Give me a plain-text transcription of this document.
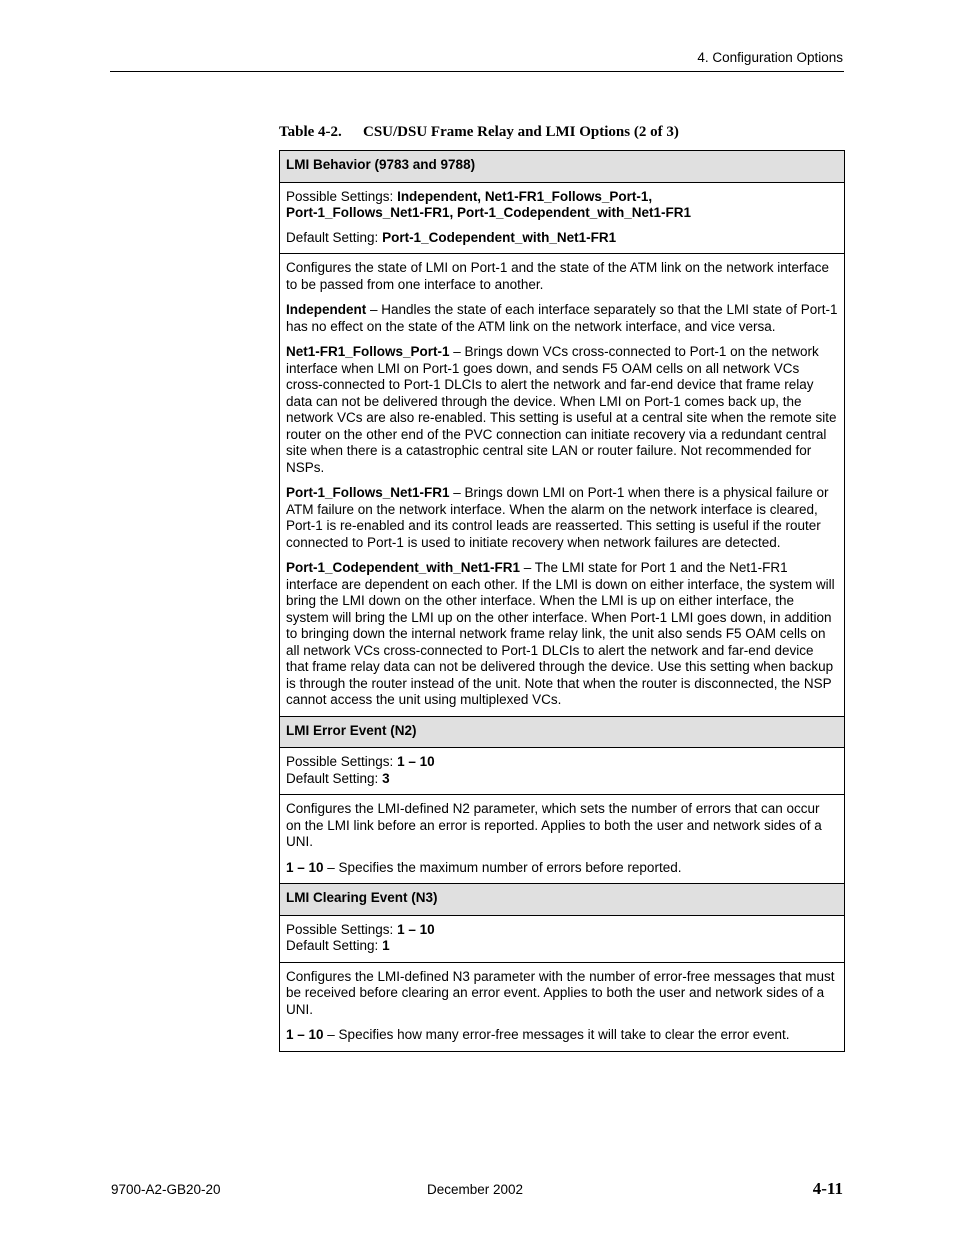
4. Configuration Options
Table 4-2. CSU/DSU Frame Relay and LMI Options (2 of 3)
LMI Behavior (9783 and 9788)

Possible Settings: Independent, Net1-FR1_Follows_Port-1,
Port-1_Follows_Net1-FR1, Port-1_Codependent_with_Net1-FR1

Default Setting: Port-1_Codependent_with_Net1-FR1

Configures the state of LMI on Port-1 and the state of the ATM link on the network interface to be passed from one interface to another.

Independent – Handles the state of each interface separately so that the LMI state of Port-1 has no effect on the state of the ATM link on the network interface, and vice versa.

Net1-FR1_Follows_Port-1 – Brings down VCs cross-connected to Port-1 on the network interface when LMI on Port-1 goes down, and sends F5 OAM cells on all network VCs cross-connected to Port-1 DLCIs to alert the network and far-end device that frame relay data can not be delivered through the device. When LMI on Port-1 comes back up, the network VCs are also re-enabled. This setting is useful at a central site when the remote site router on the other end of the PVC connection can initiate recovery via a redundant central site when there is a catastrophic central site LAN or router failure. Not recommended for NSPs.

Port-1_Follows_Net1-FR1 – Brings down LMI on Port-1 when there is a physical failure or ATM failure on the network interface. When the alarm on the network interface is cleared, Port-1 is re-enabled and its control leads are reasserted. This setting is useful if the router connected to Port-1 is used to initiate recovery when network failures are detected.

Port-1_Codependent_with_Net1-FR1 – The LMI state for Port 1 and the Net1-FR1 interface are dependent on each other. If the LMI is down on either interface, the system will bring the LMI down on the other interface. When the LMI is up on either interface, the system will bring the LMI up on the other interface. When Port-1 LMI goes down, in addition to bringing down the internal network frame relay link, the unit also sends F5 OAM cells on all network VCs cross-connected to Port-1 DLCIs to alert the network and far-end device that frame relay data can not be delivered through the device. Use this setting when backup is through the router instead of the unit. Note that when the router is disconnected, the NSP cannot access the unit using multiplexed VCs.

LMI Error Event (N2)

Possible Settings: 1 – 10
Default Setting: 3

Configures the LMI-defined N2 parameter, which sets the number of errors that can occur on the LMI link before an error is reported. Applies to both the user and network sides of a UNI.

1 – 10 – Specifies the maximum number of errors before reported.

LMI Clearing Event (N3)

Possible Settings: 1 – 10
Default Setting: 1

Configures the LMI-defined N3 parameter with the number of error-free messages that must be received before clearing an error event. Applies to both the user and network sides of a UNI.

1 – 10 – Specifies how many error-free messages it will take to clear the error event.

9700-A2-GB20-20	December 2002	4-11
